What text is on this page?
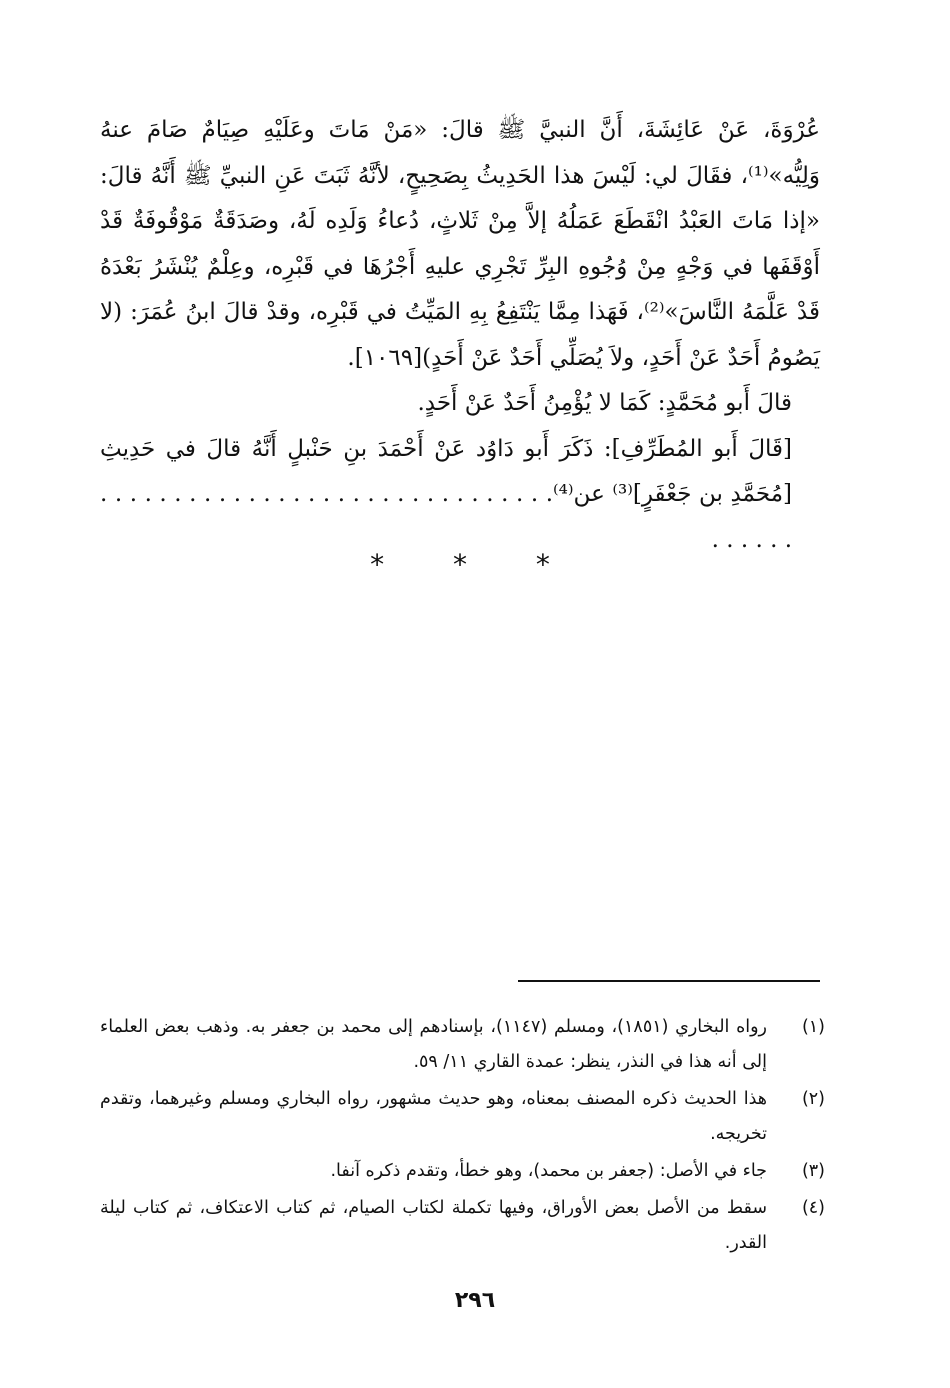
عُرْوَةَ، عَنْ عَائِشَةَ، أَنَّ النبيَّ ﷺ قالَ: «مَنْ مَاتَ وعَلَيْهِ صِيَامٌ صَامَ عنهُ وَلِيُّه»⁽¹⁾، فقَالَ لي: لَيْسَ هذا الحَدِيثُ بِصَحِيحٍ، لأنَّهُ ثَبَتَ عَنِ النبيِّ ﷺ أَنَّهُ قالَ: «إذا مَاتَ العَبْدُ انْقَطَعَ عَمَلُهُ إلاَّ مِنْ ثَلاثٍ، دُعاءُ وَلَدِه لَهُ، وصَدَقَةٌ مَوْقُوفَةٌ قَدْ أَوْقَفَها في وَجْهٍ مِنْ وُجُوهِ البِرِّ تَجْرِي عليهِ أَجْرُهَا في قَبْرِه، وعِلْمٌ يُنْشَرُ بَعْدَهُ قَدْ عَلَّمَهُ النَّاسَ»⁽²⁾، فَهَذا مِمَّا يَنْتَفِعُ بِهِ المَيِّتُ في قَبْرِه، وقدْ قالَ ابنُ عُمَرَ: (لا يَصُومُ أَحَدٌ عَنْ أَحَدٍ، ولاَ يُصَلِّي أَحَدٌ عَنْ أَحَدٍ)[١٠٦٩].

قالَ أَبو مُحَمَّدٍ: كَمَا لا يُؤْمِنُ أَحَدٌ عَنْ أَحَدٍ.

[قَالَ أَبو المُطَرِّفِ]: ذَكَرَ أَبو دَاوُد عَنْ أَحْمَدَ بنِ حَنْبلٍ أَنَّهُ قالَ في حَدِيثِ [مُحَمَّدِ بن جَعْفَرٍ]⁽³⁾ عن⁽⁴⁾. . . . . . . . . . . . . . . . . . . . . . . . . . . . . . . . . . . . .

* * *
(١)
رواه البخاري (١٨٥١)، ومسلم (١١٤٧)، بإسنادهم إلى محمد بن جعفر به. وذهب بعض العلماء إلى أنه هذا في النذر، ينظر: عمدة القاري ١١/ ٥٩.
(٢)
هذا الحديث ذكره المصنف بمعناه، وهو حديث مشهور، رواه البخاري ومسلم وغيرهما، وتقدم تخريجه.
(٣)
جاء في الأصل: (جعفر بن محمد)، وهو خطأ، وتقدم ذكره آنفا.
(٤)
سقط من الأصل بعض الأوراق، وفيها تكملة لكتاب الصيام، ثم كتاب الاعتكاف، ثم كتاب ليلة القدر.
٢٩٦
